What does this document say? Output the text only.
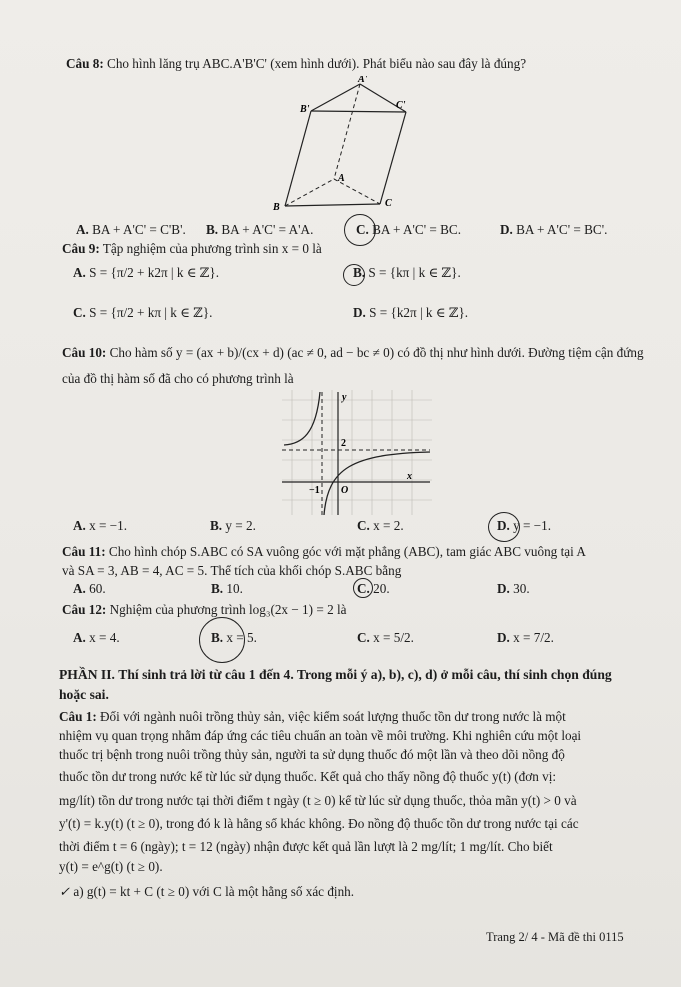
Câu 8: Cho hình lăng trụ ABC.A'B'C' (xem hình dưới). Phát biểu nào sau đây là đúng?
A'
B'	C'
A
B	C
A. BA + A'C' = C'B'. B. BA + A'C' = A'A.	C. BA + A'C' = BC.	D. BA + A'C' = BC'.
Câu 9: Tập nghiệm của phương trình sin x = 0 là
A. S = {π/2 + k2π | k ∈ ℤ}.	B. S = {kπ | k ∈ ℤ}.
C. S = {π/2 + kπ | k ∈ ℤ}.	D. S = {k2π | k ∈ ℤ}.
Câu 10: Cho hàm số y = (ax + b)/(cx + d) (ac ≠ 0, ad − bc ≠ 0) có đồ thị như hình dưới. Đường tiệm cận đứng
của đồ thị hàm số đã cho có phương trình là
y
x
O
−1
2
A. x = −1.	B. y = 2.	C. x = 2.	D. y = −1.
Câu 11: Cho hình chóp S.ABC có SA vuông góc với mặt phẳng (ABC), tam giác ABC vuông tại A
và SA = 3, AB = 4, AC = 5. Thể tích của khối chóp S.ABC bằng
A. 60.	B. 10.	C. 20.	D. 30.
Câu 12: Nghiệm của phương trình log₃(2x − 1) = 2 là
A. x = 4.	B. x = 5.	C. x = 5/2.	D. x = 7/2.
PHẦN II. Thí sinh trả lời từ câu 1 đến 4. Trong mỗi ý a), b), c), d) ở mỗi câu, thí sinh chọn đúng
hoặc sai.
Câu 1: Đối với ngành nuôi trồng thủy sản, việc kiểm soát lượng thuốc tồn dư trong nước là một
nhiệm vụ quan trọng nhằm đáp ứng các tiêu chuẩn an toàn về môi trường. Khi nghiên cứu một loại
thuốc trị bệnh trong nuôi trồng thủy sản, người ta sử dụng thuốc đó một lần và theo dõi nồng độ
thuốc tồn dư trong nước kể từ lúc sử dụng thuốc. Kết quả cho thấy nồng độ thuốc y(t) (đơn vị:
mg/lít) tồn dư trong nước tại thời điểm t ngày (t ≥ 0) kể từ lúc sử dụng thuốc, thỏa mãn y(t) > 0 và
y'(t) = k.y(t) (t ≥ 0), trong đó k là hằng số khác không. Đo nồng độ thuốc tồn dư trong nước tại các
thời điểm t = 6 (ngày); t = 12 (ngày) nhận được kết quả lần lượt là 2 mg/lít; 1 mg/lít. Cho biết
y(t) = e^g(t) (t ≥ 0).
✓ a) g(t) = kt + C (t ≥ 0) với C là một hằng số xác định.
Trang 2/ 4 - Mã đề thi 0115
